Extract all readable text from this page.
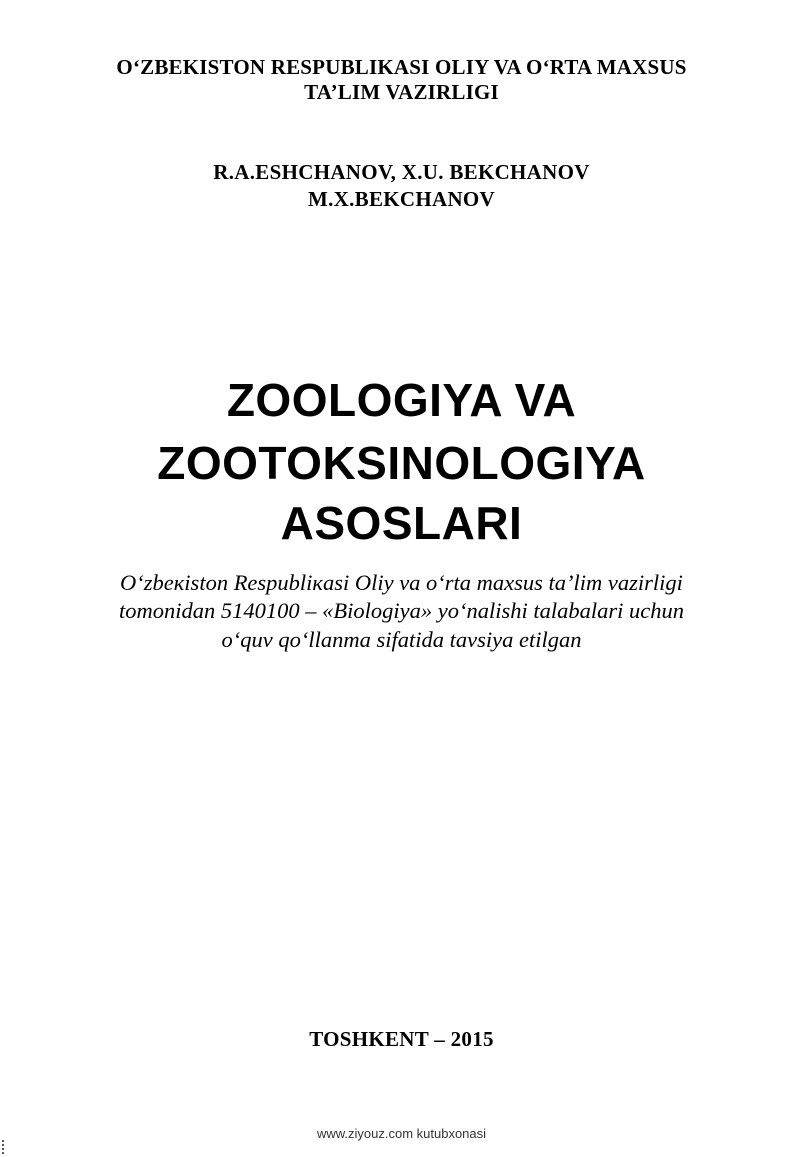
O‘ZBEKISTON RESPUBLIKASI OLIY VA O‘RTA MAXSUS
TA’LIM VAZIRLIGI
R.A.ESHCHANOV, X.U. BEKCHANOV
M.X.BEKCHANOV
ZOOLOGIYA VA
ZOOTOKSINOLOGIYA
ASOSLARI
O‘zbeкiston Respubliкasi Oliy va o‘rta maxsus ta’lim vazirligi
tomonidan 5140100 – «Biologiya» yo‘nalishi talabalari uchun
o‘quv qo‘llanma sifatida tavsiya etilgan
TOSHKENT – 2015
www.ziyouz.com kutubxonasi
